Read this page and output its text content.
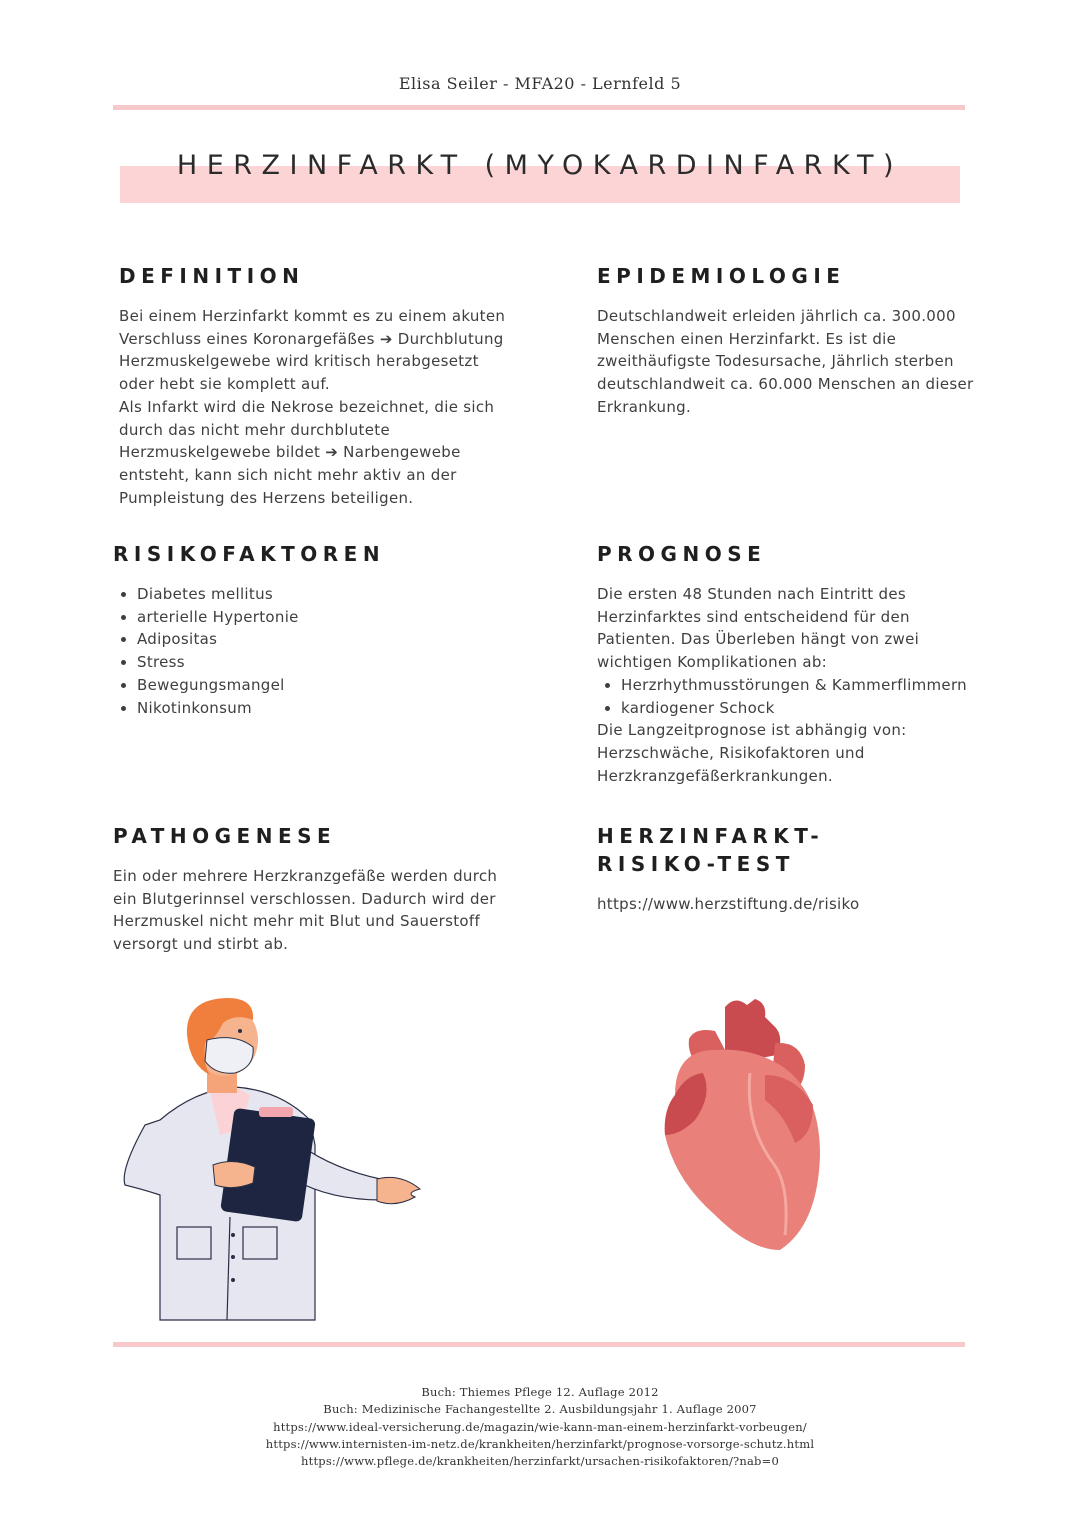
Elisa Seiler - MFA20 - Lernfeld 5
HERZINFARKT (MYOKARDINFARKT)
DEFINITION
Bei einem Herzinfarkt kommt es zu einem akuten
Verschluss eines Koronargefäßes ➔ Durchblutung
Herzmuskelgewebe wird kritisch herabgesetzt
oder hebt sie komplett auf.
Als Infarkt wird die Nekrose bezeichnet, die sich
durch das nicht mehr durchblutete
Herzmuskelgewebe bildet ➔ Narbengewebe
entsteht, kann sich nicht mehr aktiv an der
Pumpleistung des Herzens beteiligen.
EPIDEMIOLOGIE
Deutschlandweit erleiden jährlich ca. 300.000
Menschen einen Herzinfarkt. Es ist die
zweithäufigste Todesursache, Jährlich sterben
deutschlandweit ca. 60.000 Menschen an dieser
Erkrankung.
RISIKOFAKTOREN
• Diabetes mellitus
• arterielle Hypertonie
• Adipositas
• Stress
• Bewegungsmangel
• Nikotinkonsum
PROGNOSE
Die ersten 48 Stunden nach Eintritt des
Herzinfarktes sind entscheidend für den
Patienten. Das Überleben hängt von zwei
wichtigen Komplikationen ab:
• Herzrhythmusstörungen & Kammerflimmern
• kardiogener Schock
Die Langzeitprognose ist abhängig von:
Herzschwäche, Risikofaktoren und
Herzkranzgefäßerkrankungen.
PATHOGENESE
Ein oder mehrere Herzkranzgefäße werden durch
ein Blutgerinnsel verschlossen. Dadurch wird der
Herzmuskel nicht mehr mit Blut und Sauerstoff
versorgt und stirbt ab.
HERZINFARKT-
RISIKO-TEST
https://www.herzstiftung.de/risiko
Buch: Thiemes Pflege 12. Auflage 2012
Buch: Medizinische Fachangestellte 2. Ausbildungsjahr 1. Auflage 2007
https://www.ideal-versicherung.de/magazin/wie-kann-man-einem-herzinfarkt-vorbeugen/
https://www.internisten-im-netz.de/krankheiten/herzinfarkt/prognose-vorsorge-schutz.html
https://www.pflege.de/krankheiten/herzinfarkt/ursachen-risikofaktoren/?nab=0
